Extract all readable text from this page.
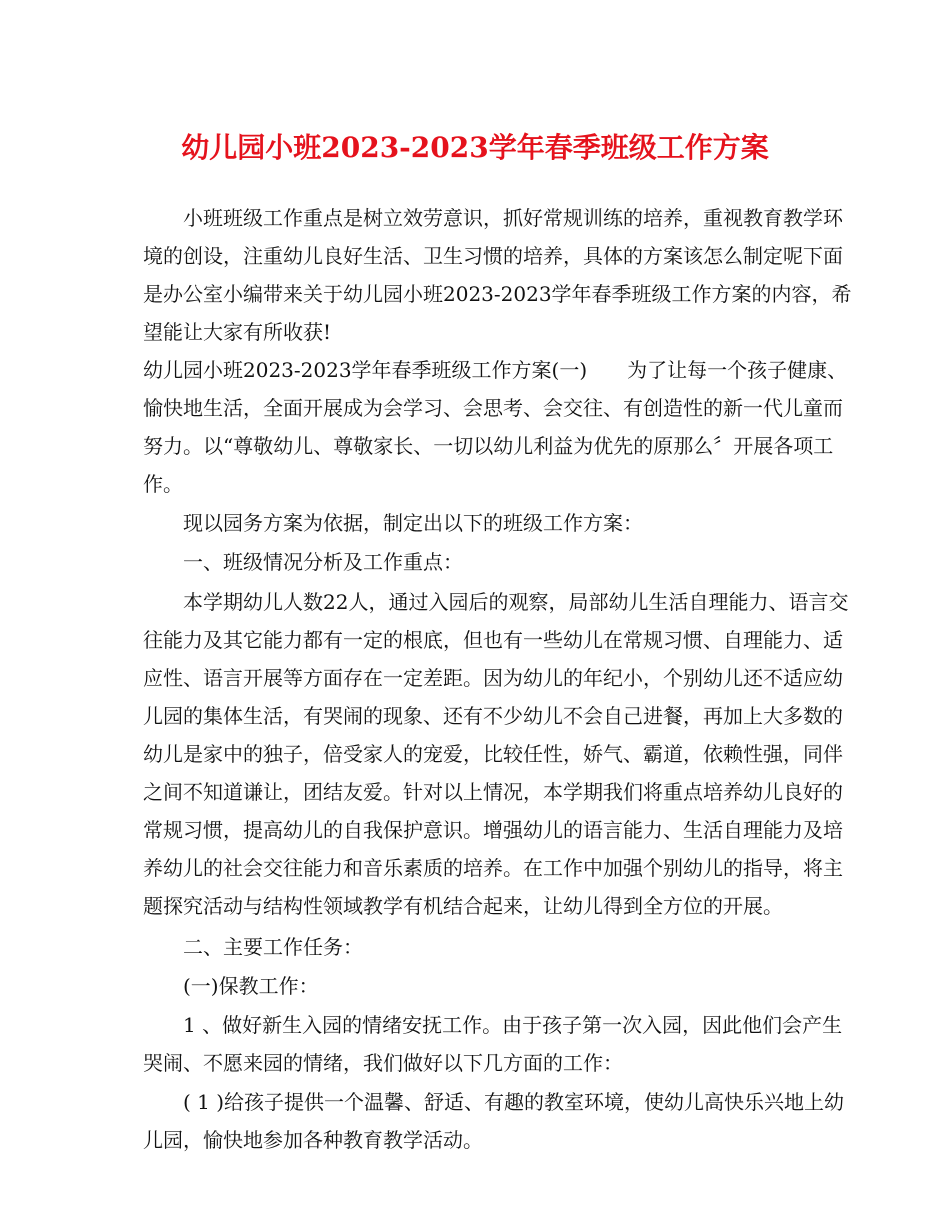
幼儿园小班2023-2023学年春季班级工作方案
小班班级工作重点是树立效劳意识，抓好常规训练的培养，重视教育教学环
境的创设，注重幼儿良好生活、卫生习惯的培养，具体的方案该怎么制定呢下面
是办公室小编带来关于幼儿园小班2023-2023学年春季班级工作方案的内容，希
望能让大家有所收获!
幼儿园小班2023-2023学年春季班级工作方案(一)　　为了让每一个孩子健康、
愉快地生活，全面开展成为会学习、会思考、会交往、有创造性的新一代儿童而
努力。以“尊敬幼儿、尊敬家长、一切以幼儿利益为优先的原那么〞开展各项工
作。
现以园务方案为依据，制定出以下的班级工作方案：
一、班级情况分析及工作重点：
本学期幼儿人数22人，通过入园后的观察，局部幼儿生活自理能力、语言交
往能力及其它能力都有一定的根底，但也有一些幼儿在常规习惯、自理能力、适
应性、语言开展等方面存在一定差距。因为幼儿的年纪小，个别幼儿还不适应幼
儿园的集体生活，有哭闹的现象、还有不少幼儿不会自己进餐，再加上大多数的
幼儿是家中的独子，倍受家人的宠爱，比较任性，娇气、霸道，依赖性强，同伴
之间不知道谦让，团结友爱。针对以上情况，本学期我们将重点培养幼儿良好的
常规习惯，提高幼儿的自我保护意识。增强幼儿的语言能力、生活自理能力及培
养幼儿的社会交往能力和音乐素质的培养。在工作中加强个别幼儿的指导，将主
题探究活动与结构性领域教学有机结合起来，让幼儿得到全方位的开展。
二、主要工作任务：
(一)保教工作：
1 、做好新生入园的情绪安抚工作。由于孩子第一次入园，因此他们会产生
哭闹、不愿来园的情绪，我们做好以下几方面的工作：
( 1 )给孩子提供一个温馨、舒适、有趣的教室环境，使幼儿高快乐兴地上幼
儿园，愉快地参加各种教育教学活动。
